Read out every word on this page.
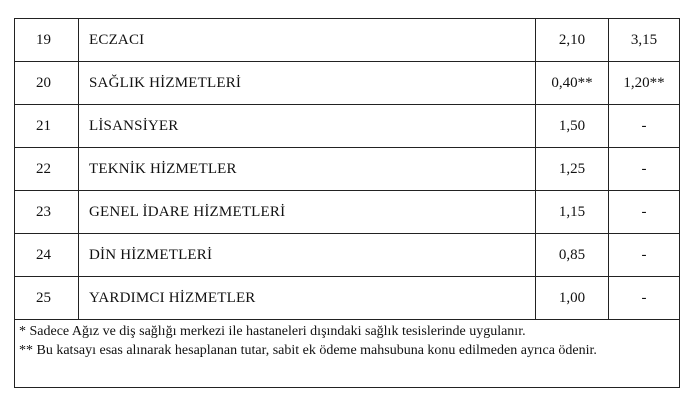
19	ECZACI	2,10	3,15
20	SAĞLIK HİZMETLERİ	0,40**	1,20**
21	LİSANSİYER	1,50	-
22	TEKNİK HİZMETLER	1,25	-
23	GENEL İDARE HİZMETLERİ	1,15	-
24	DİN HİZMETLERİ	0,85	-
25	YARDIMCI HİZMETLER	1,00	-

* Sadece Ağız ve diş sağlığı merkezi ile hastaneleri dışındaki sağlık tesislerinde uygulanır.
** Bu katsayı esas alınarak hesaplanan tutar, sabit ek ödeme mahsubuna konu edilmeden ayrıca ödenir.			
